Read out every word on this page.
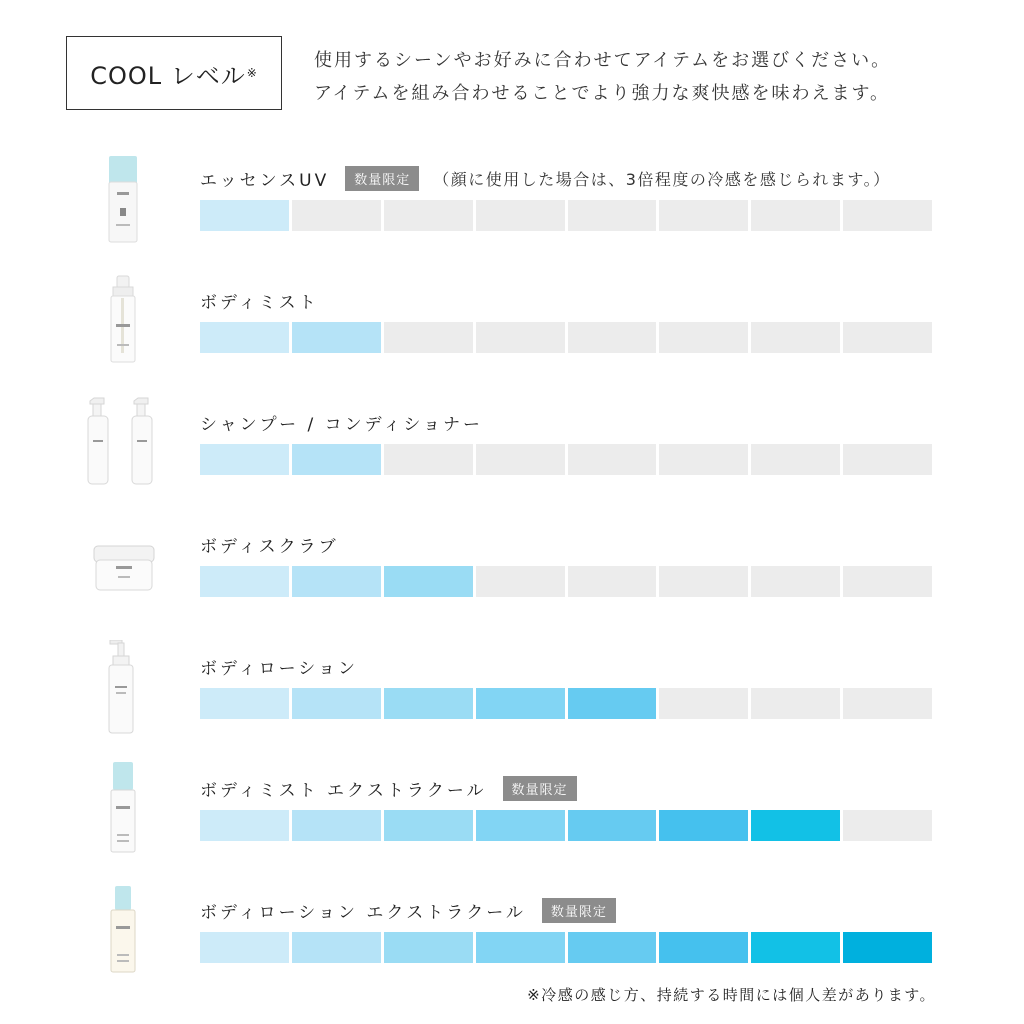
COOL レベル ※
使用するシーンやお好みに合わせてアイテムをお選びください。
アイテムを組み合わせることでより強力な爽快感を味わえます。
エッセンスUV	数量限定	（顔に使用した場合は、3倍程度の冷感を感じられます。）
ボディミスト
シャンプー / コンディショナー
ボディスクラブ
ボディローション
ボディミスト エクストラクール	数量限定
ボディローション エクストラクール	数量限定
※冷感の感じ方、持続する時間には個人差があります。
